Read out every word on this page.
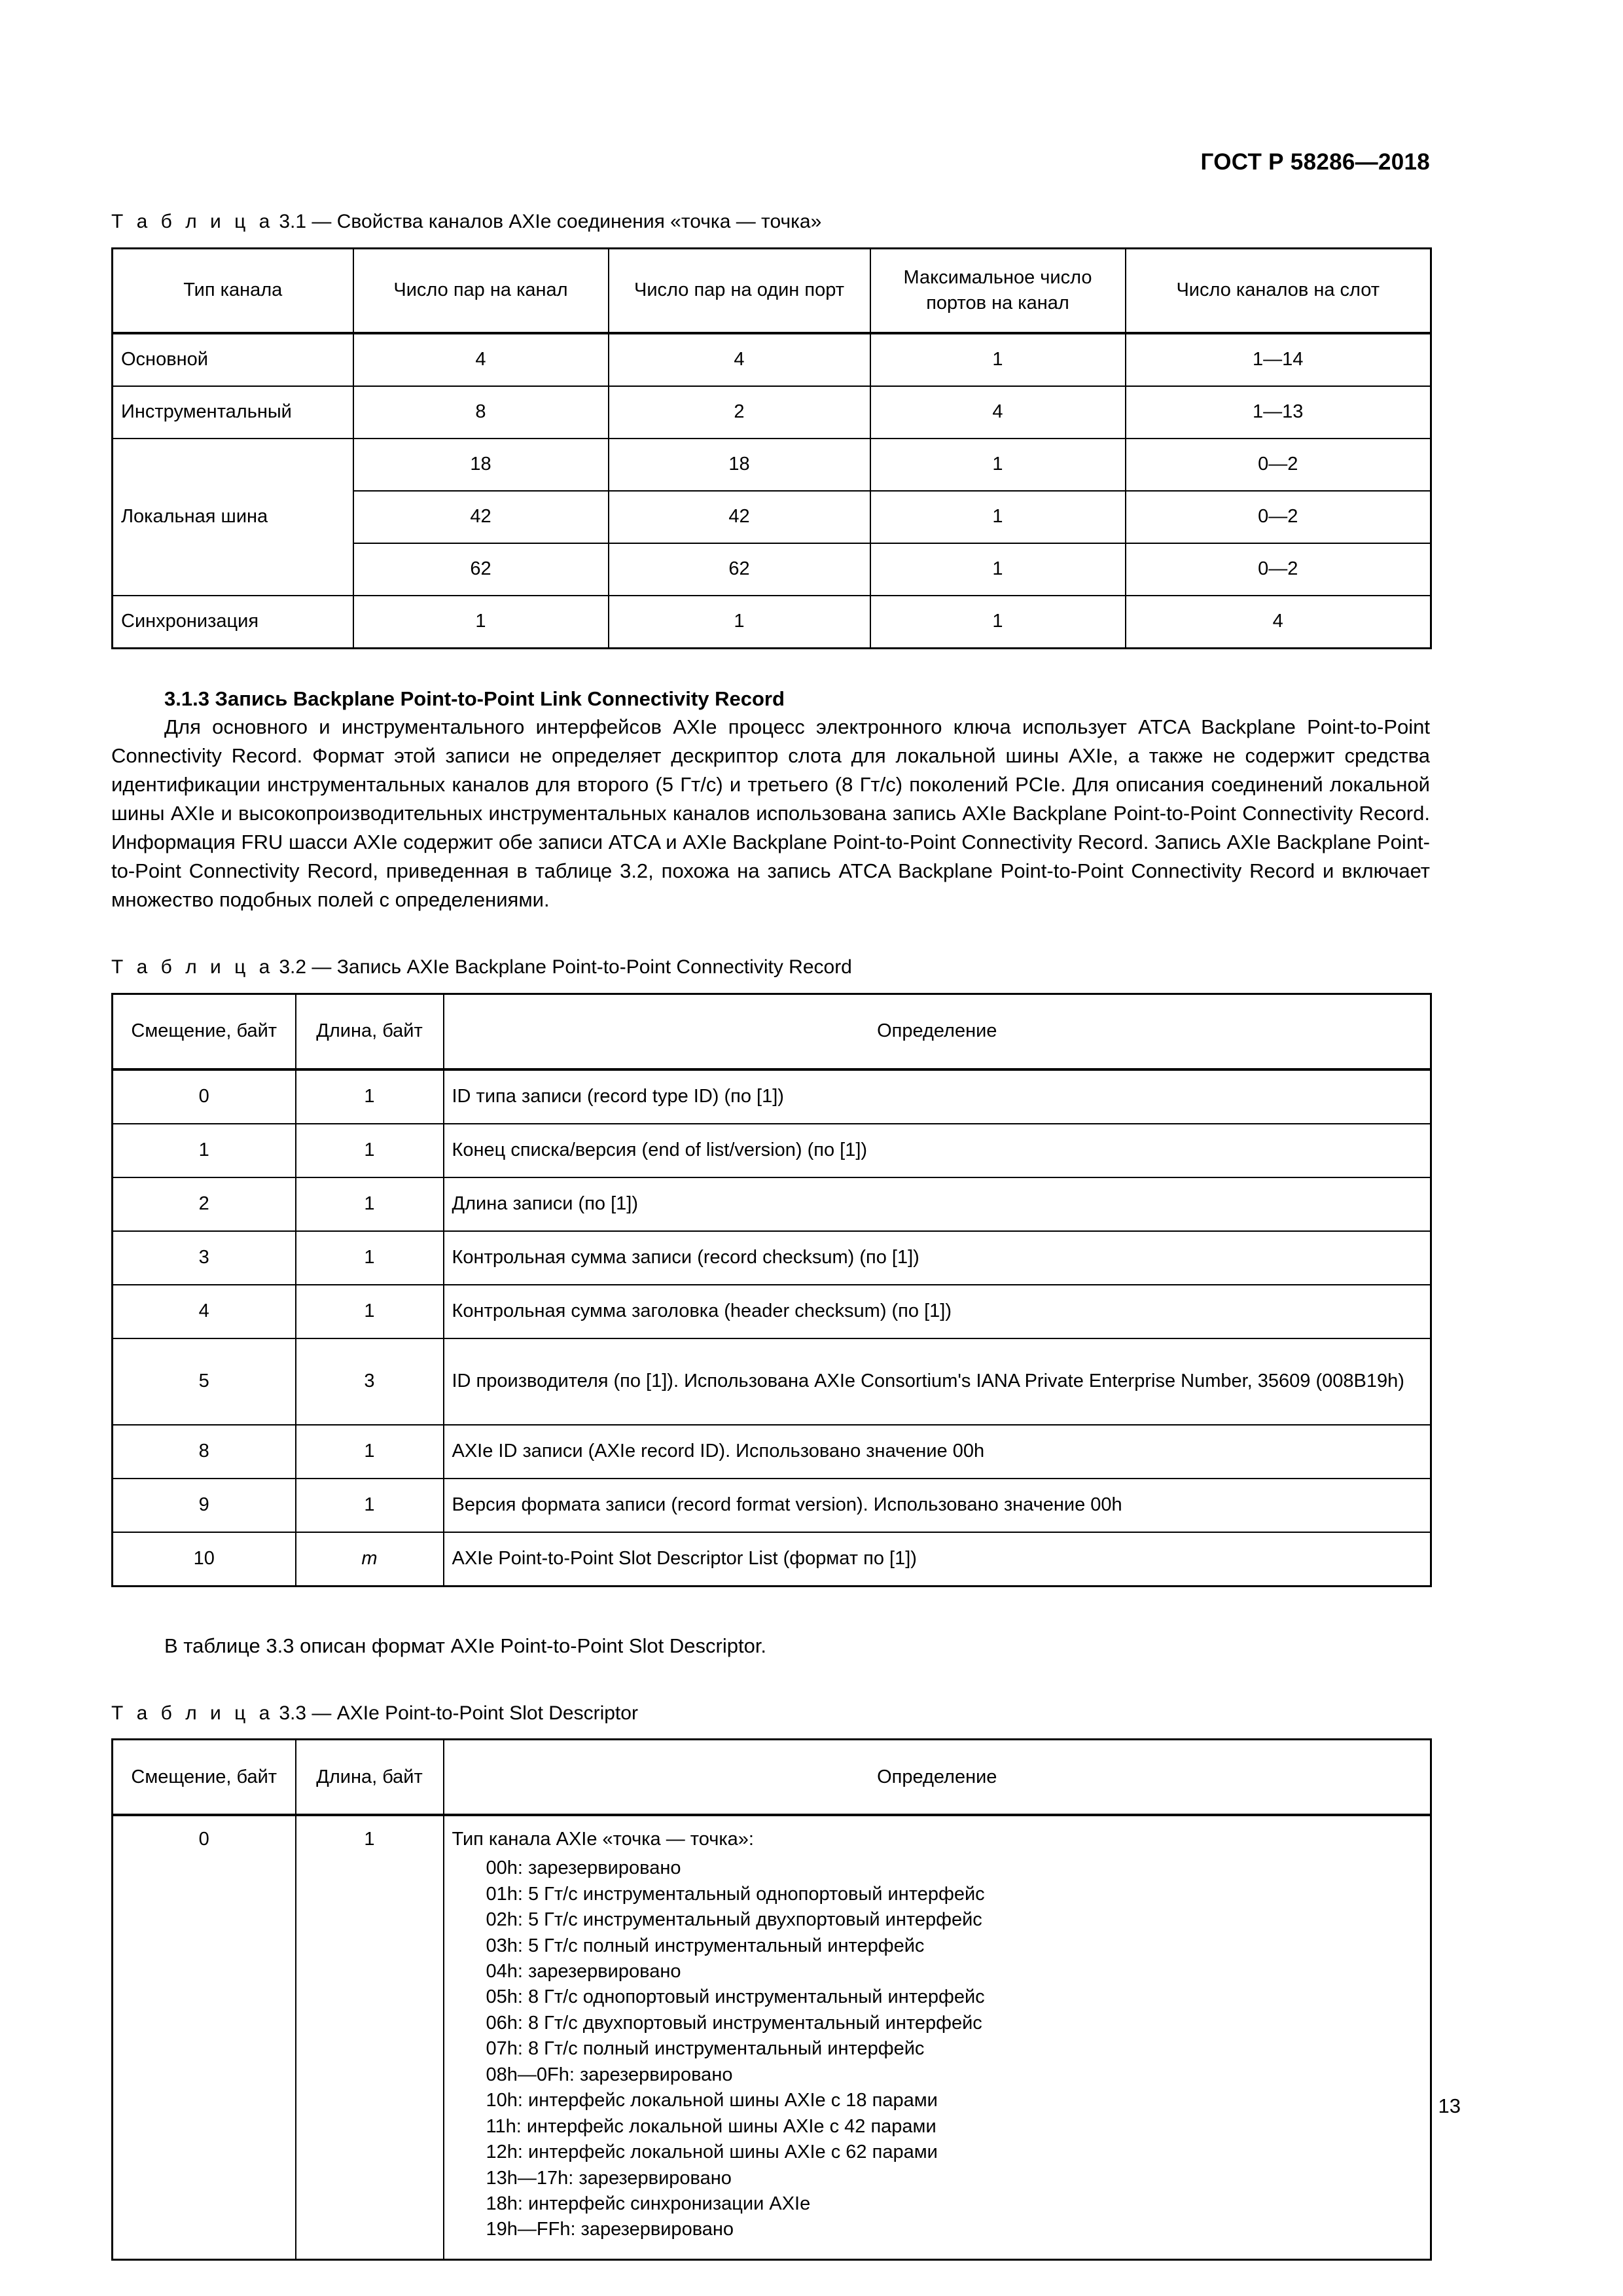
ГОСТ Р 58286—2018

Т а б л и ц а 3.1 — Свойства каналов AXIe соединения «точка — точка»

Тип канала	Число пар на канал	Число пар на один порт	Максимальное число портов на канал	Число каналов на слот
Основной	4	4	1	1—14
Инструментальный	8	2	4	1—13
Локальная шина	18	18	1	0—2
	42	42	1	0—2
	62	62	1	0—2
Синхронизация	1	1	1	4
3.1.3 Запись Backplane Point-to-Point Link Connectivity Record

Для основного и инструментального интерфейсов AXIe процесс электронного ключа использует ATCA Backplane Point-to-Point Connectivity Record. Формат этой записи не определяет дескриптор слота для локальной шины AXIe, а также не содержит средства идентификации инструментальных каналов для второго (5 Гт/с) и третьего (8 Гт/с) поколений PCIe. Для описания соединений локальной шины AXIe и высокопроизводительных инструментальных каналов использована запись AXIe Backplane Point-to-Point Connectivity Record. Информация FRU шасси AXIe содержит обе записи ATCA и AXIe Backplane Point-to-Point Connectivity Record. Запись AXIe Backplane Point-to-Point Connectivity Record, приведенная в таблице 3.2, похожа на запись ATCA Backplane Point-to-Point Connectivity Record и включает множество подобных полей с определениями.

Т а б л и ц а 3.2 — Запись AXIe Backplane Point-to-Point Connectivity Record

Смещение, байт	Длина, байт	Определение
0	1	ID типа записи (record type ID) (по [1])
1	1	Конец списка/версия (end of list/version) (по [1])
2	1	Длина записи (по [1])
3	1	Контрольная сумма записи (record checksum) (по [1])
4	1	Контрольная сумма заголовка (header checksum) (по [1])
5	3	ID производителя (по [1]). Использована AXIe Consortium's IANA Private Enterprise Number, 35609 (008B19h)
8	1	AXIe ID записи (AXIe record ID). Использовано значение 00h
9	1	Версия формата записи (record format version). Использовано значение 00h
10	m	AXIe Point-to-Point Slot Descriptor List (формат по [1])

В таблице 3.3 описан формат AXIe Point-to-Point Slot Descriptor.

Т а б л и ц а 3.3 — AXIe Point-to-Point Slot Descriptor

Смещение, байт	Длина, байт	Определение
0	1	Тип канала AXIe «точка — точка»:

00h: зарезервировано
01h: 5 Гт/с инструментальный однопортовый интерфейс
02h: 5 Гт/с инструментальный двухпортовый интерфейс
03h: 5 Гт/с полный инструментальный интерфейс
04h: зарезервировано
05h: 8 Гт/с однопортовый инструментальный интерфейс
06h: 8 Гт/с двухпортовый инструментальный интерфейс
07h: 8 Гт/с полный инструментальный интерфейс
08h—0Fh: зарезервировано
10h: интерфейс локальной шины AXIe с 18 парами
11h: интерфейс локальной шины AXIe с 42 парами
12h: интерфейс локальной шины AXIe с 62 парами
13h—17h: зарезервировано
18h: интерфейс синхронизации AXIe
19h—FFh: зарезервировано
13
